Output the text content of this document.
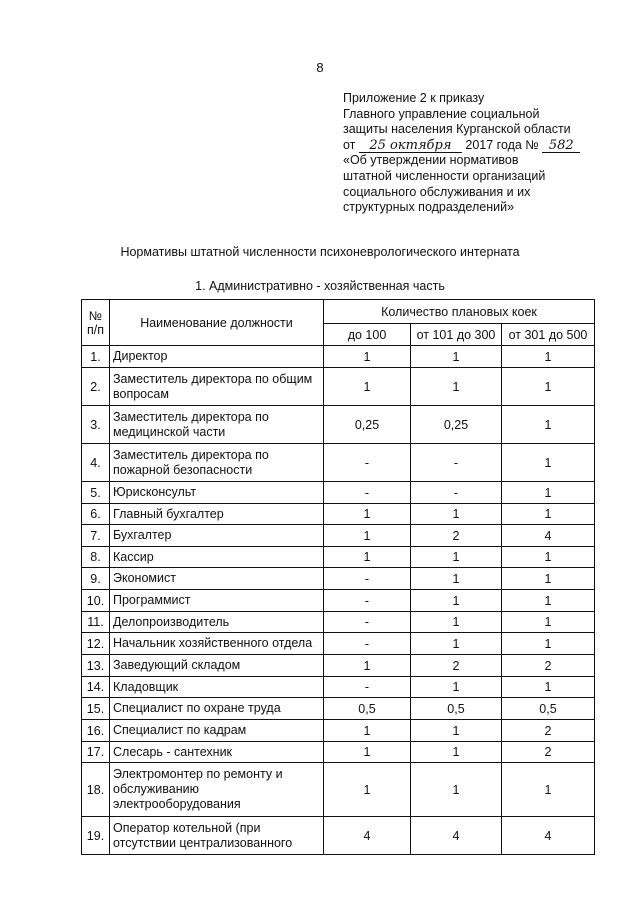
8
Приложение 2 к приказу
Главного управление социальной
защиты населения Курганской области
от 25 октября 2017 года № 582
«Об утверждении нормативов
штатной численности организаций
социального обслуживания и их
структурных подразделений»
Нормативы штатной численности психоневрологического интерната
1. Административно - хозяйственная часть
№ п/п	Наименование должности	Количество плановых коек		
		до 100	от 101 до 300	от 301 до 500
1.	Директор	1	1	1
2.	Заместитель директора по общим вопросам	1	1	1
3.	Заместитель директора по медицинской части	0,25	0,25	1
4.	Заместитель директора по пожарной безопасности	-	-	1
5.	Юрисконсульт	-	-	1
6.	Главный бухгалтер	1	1	1
7.	Бухгалтер	1	2	4
8.	Кассир	1	1	1
9.	Экономист	-	1	1
10.	Программист	-	1	1
11.	Делопроизводитель	-	1	1
12.	Начальник хозяйственного отдела	-	1	1
13.	Заведующий складом	1	2	2
14.	Кладовщик	-	1	1
15.	Специалист по охране труда	0,5	0,5	0,5
16.	Специалист по кадрам	1	1	2
17.	Слесарь - сантехник	1	1	2
18.	Электромонтер по ремонту и обслуживанию электрооборудования	1	1	1
19.	Оператор котельной (при отсутствии централизованного	4	4	4
